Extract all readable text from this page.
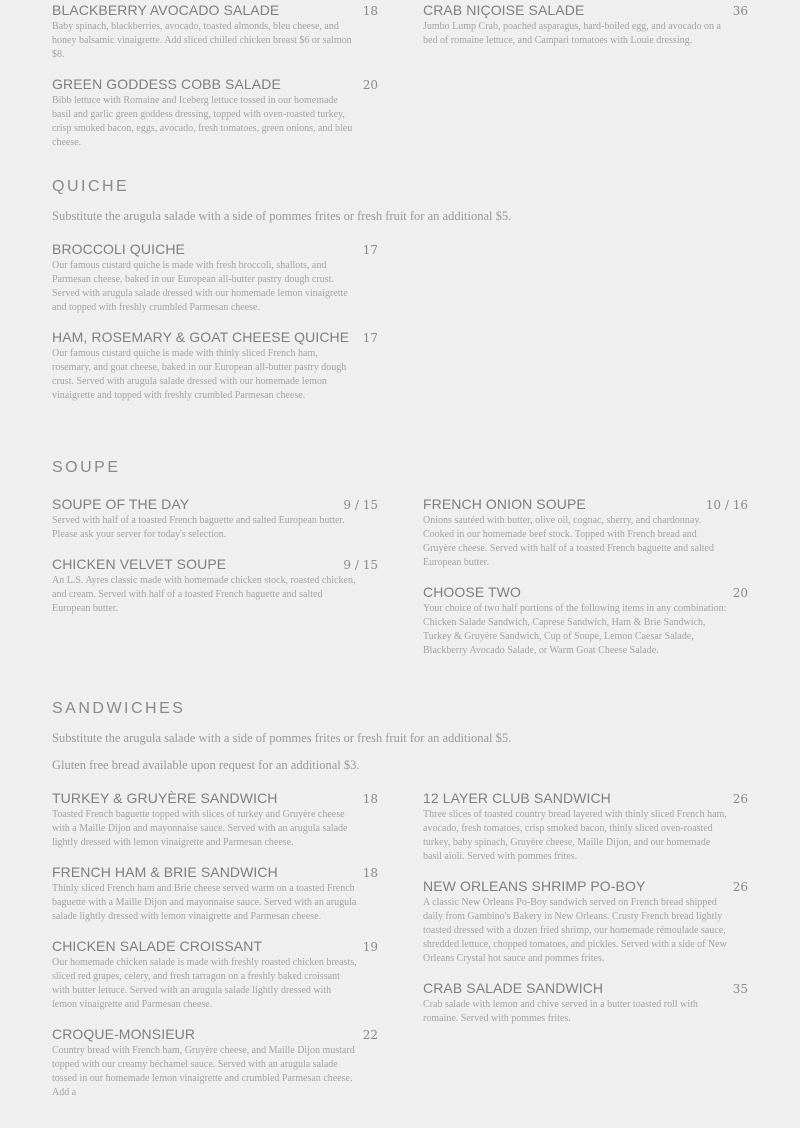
BLACKBERRY AVOCADO SALADE	18
Baby spinach, blackberries, avocado, toasted almonds, bleu cheese, and honey balsamic vinaigrette. Add sliced chilled chicken breast $6 or salmon $8.
GREEN GODDESS COBB SALADE	20
Bibb lettuce with Romaine and Iceberg lettuce tossed in our homemade basil and garlic green goddess dressing, topped with oven-roasted turkey, crisp smoked bacon, eggs, avocado, fresh tomatoes, green onions, and bleu cheese.
CRAB NIÇOISE SALADE	36
Jumbo Lump Crab, poached asparagus, hard-boiled egg, and avocado on a bed of romaine lettuce, and Campari tomatoes with Louie dressing.
QUICHE
Substitute the arugula salade with a side of pommes frites or fresh fruit for an additional $5.
BROCCOLI QUICHE	17
Our famous custard quiche is made with fresh broccoli, shallots, and Parmesan cheese, baked in our European all-butter pastry dough crust. Served with arugula salade dressed with our homemade lemon vinaigrette and topped with freshly crumbled Parmesan cheese.
HAM, ROSEMARY & GOAT CHEESE QUICHE 17
Our famous custard quiche is made with thinly sliced French ham, rosemary, and goat cheese, baked in our European all-butter pastry dough crust. Served with arugula salade dressed with our homemade lemon vinaigrette and topped with freshly crumbled Parmesan cheese.
SOUPE
SOUPE OF THE DAY	9 / 15
Served with half of a toasted French baguette and salted European butter. Please ask your server for today's selection.
CHICKEN VELVET SOUPE	9 / 15
An L.S. Ayres classic made with homemade chicken stock, roasted chicken, and cream. Served with half of a toasted French baguette and salted European butter.
FRENCH ONION SOUPE	10 / 16
Onions sautéed with butter, olive oil, cognac, sherry, and chardonnay. Cooked in our homemade beef stock. Topped with French bread and Gruyère cheese. Served with half of a toasted French baguette and salted European butter.
CHOOSE TWO	20
Your choice of two half portions of the following items in any combination: Chicken Salade Sandwich, Caprese Sandwich, Ham & Brie Sandwich, Turkey & Gruyère Sandwich, Cup of Soupe, Lemon Caesar Salade, Blackberry Avocado Salade, or Warm Goat Cheese Salade.
SANDWICHES
Substitute the arugula salade with a side of pommes frites or fresh fruit for an additional $5.
Gluten free bread available upon request for an additional $3.
TURKEY & GRUYÈRE SANDWICH	18
Toasted French baguette topped with slices of turkey and Gruyère cheese with a Maille Dijon and mayonnaise sauce. Served with an arugula salade lightly dressed with lemon vinaigrette and Parmesan cheese.
FRENCH HAM & BRIE SANDWICH	18
Thinly sliced French ham and Brie cheese served warm on a toasted French baguette with a Maille Dijon and mayonnaise sauce. Served with an arugula salade lightly dressed with lemon vinaigrette and Parmesan cheese.
CHICKEN SALADE CROISSANT	19
Our homemade chicken salade is made with freshly roasted chicken breasts, sliced red grapes, celery, and fresh tarragon on a freshly baked croissant with butter lettuce. Served with an arugula salade lightly dressed with lemon vinaigrette and Parmesan cheese.
CROQUE-MONSIEUR	22
Country bread with French ham, Gruyère cheese, and Maille Dijon mustard topped with our creamy béchamel sauce. Served with an arugula salade tossed in our homemade lemon vinaigrette and crumbled Parmesan cheese. Add a
12 LAYER CLUB SANDWICH	26
Three slices of toasted country bread layered with thinly sliced French ham, avocado, fresh tomatoes, crisp smoked bacon, thinly sliced oven-roasted turkey, baby spinach, Gruyère cheese, Maille Dijon, and our homemade basil aïoli. Served with pommes frites.
NEW ORLEANS SHRIMP PO-BOY	26
A classic New Orleans Po-Boy sandwich served on French bread shipped daily from Gambino's Bakery in New Orleans. Crusty French bread lightly toasted dressed with a dozen fried shrimp, our homemade rémoulade sauce, shredded lettuce, chopped tomatoes, and pickles. Served with a side of New Orleans Crystal hot sauce and pommes frites.
CRAB SALADE SANDWICH	35
Crab salade with lemon and chive served in a butter toasted roll with romaine. Served with pommes frites.
